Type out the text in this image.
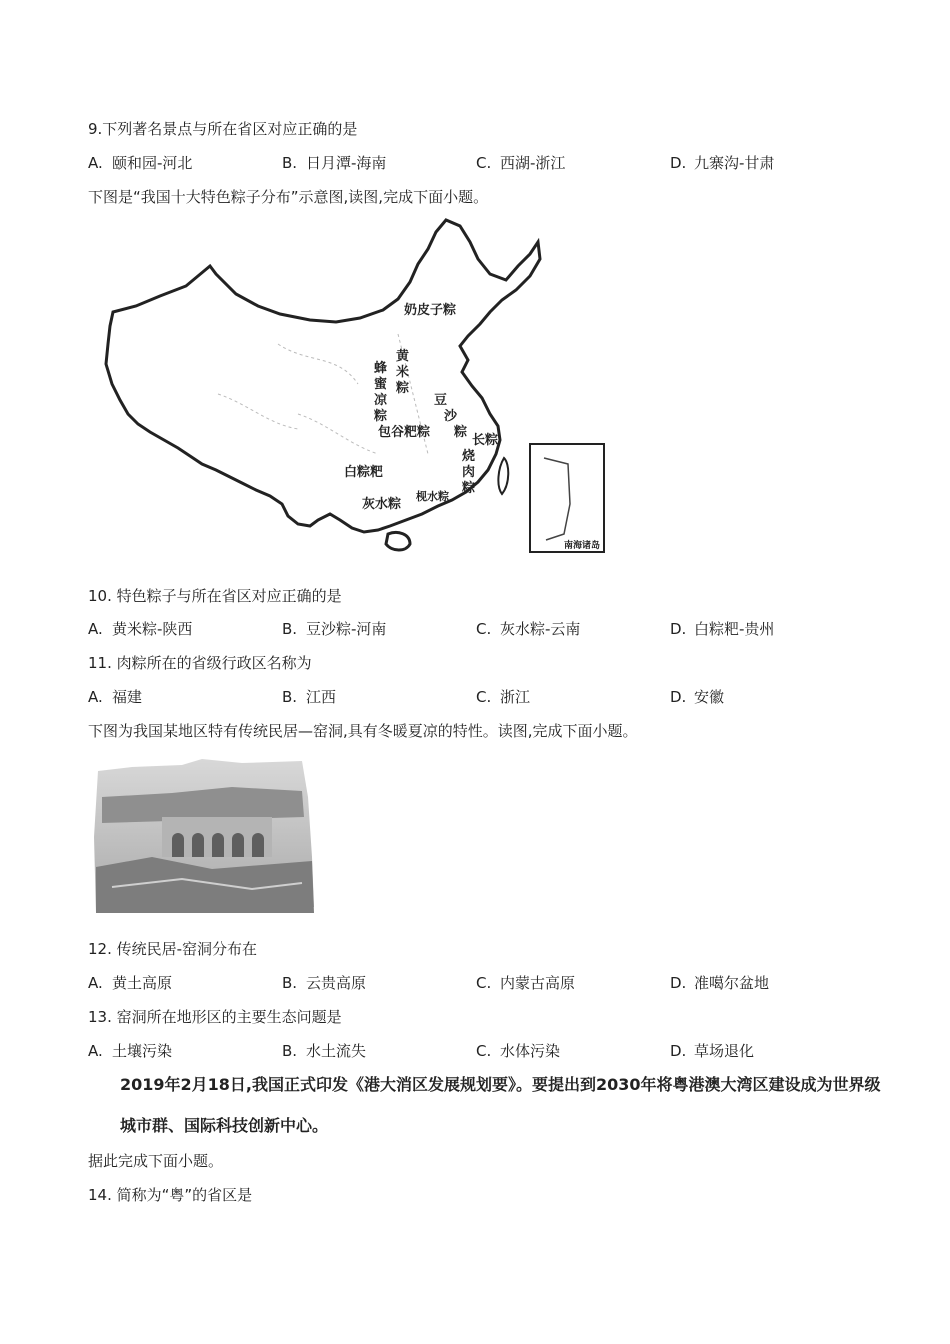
9.下列著名景点与所在省区对应正确的是
A. 颐和园-河北	B. 日月潭-海南	C. 西湖-浙江	D. 九寨沟-甘肃
下图是“我国十大特色粽子分布”示意图,读图,完成下面小题。
奶皮子粽
黄
米
粽
蜂
蜜
凉
粽
豆
沙
粽
包谷粑粽
长粽
烧
肉
粽
白粽粑
灰水粽
枧水粽
南海诸岛
10. 特色粽子与所在省区对应正确的是
A. 黄米粽-陕西	B. 豆沙粽-河南	C. 灰水粽-云南	D. 白粽粑-贵州
11. 肉粽所在的省级行政区名称为
A. 福建	B. 江西	C. 浙江	D. 安徽
下图为我国某地区特有传统民居—窑洞,具有冬暖夏凉的特性。读图,完成下面小题。
12. 传统民居-窑洞分布在
A. 黄土高原	B. 云贵高原	C. 内蒙古高原	D. 准噶尔盆地
13. 窑洞所在地形区的主要生态问题是
A. 土壤污染	B. 水土流失	C. 水体污染	D. 草场退化
2019年2月18日,我国正式印发《港大消区发展规划要》。要提出到2030年将粤港澳大湾区建设成为世界级城市群、国际科技创新中心。
据此完成下面小题。
14. 简称为“粤”的省区是
